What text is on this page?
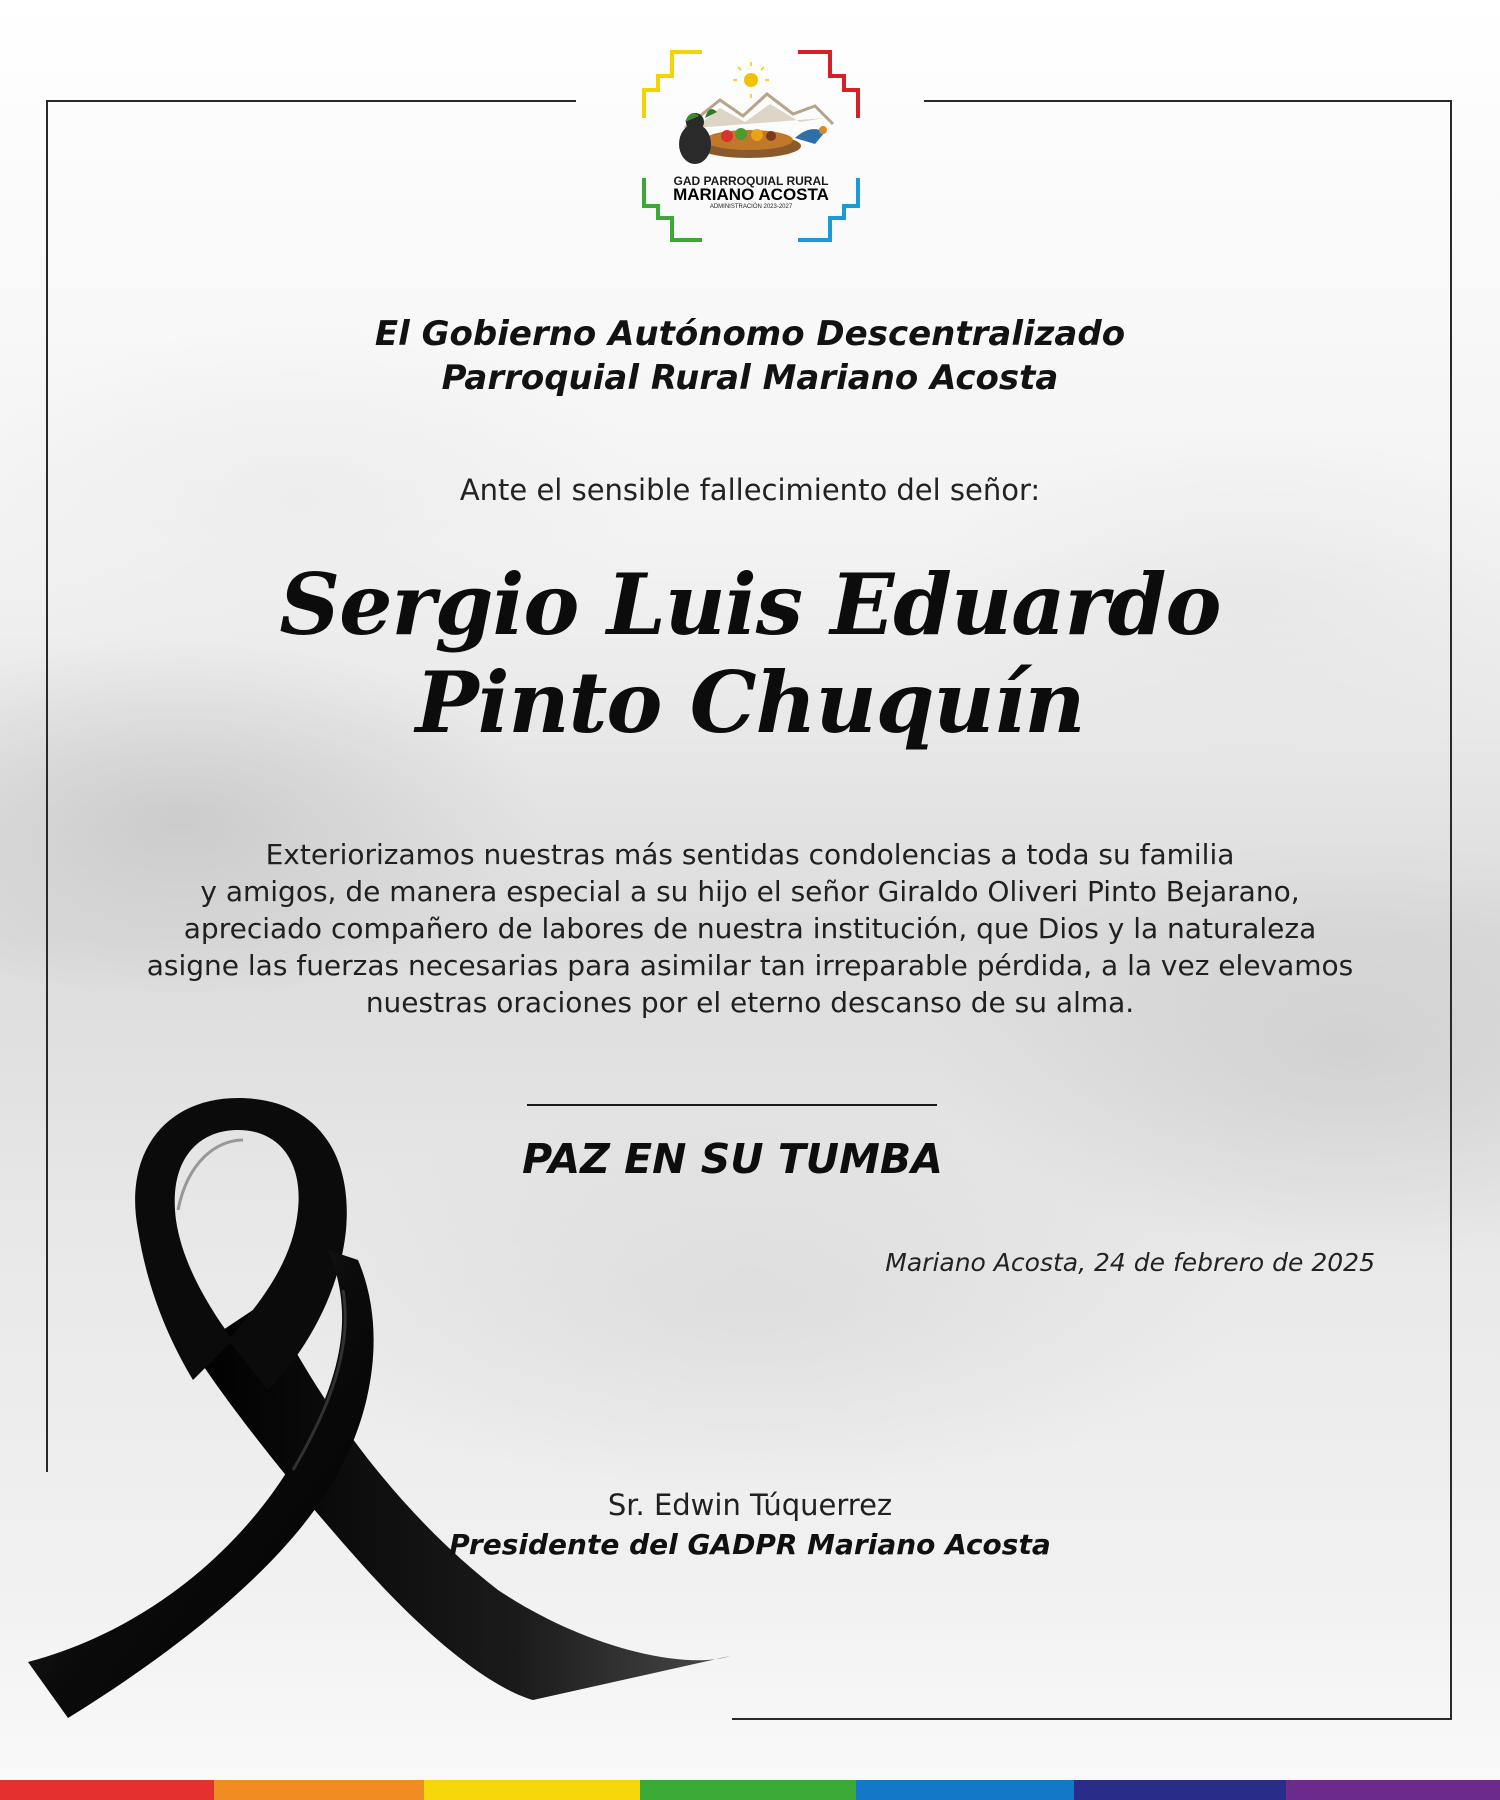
GAD PARROQUIAL RURAL
MARIANO ACOSTA
ADMINISTRACIÓN 2023-2027
El Gobierno Autónomo Descentralizado
Parroquial Rural Mariano Acosta

Ante el sensible fallecimiento del señor:

Sergio Luis Eduardo
Pinto Chuquín

Exteriorizamos nuestras más sentidas condolencias a toda su familia
y amigos, de manera especial a su hijo el señor Giraldo Oliveri Pinto Bejarano,
apreciado compañero de labores de nuestra institución, que Dios y la naturaleza
asigne las fuerzas necesarias para asimilar tan irreparable pérdida, a la vez elevamos
nuestras oraciones por el eterno descanso de su alma.

PAZ EN SU TUMBA

Mariano Acosta, 24 de febrero de 2025

Sr. Edwin Túquerrez

Presidente del GADPR Mariano Acosta
